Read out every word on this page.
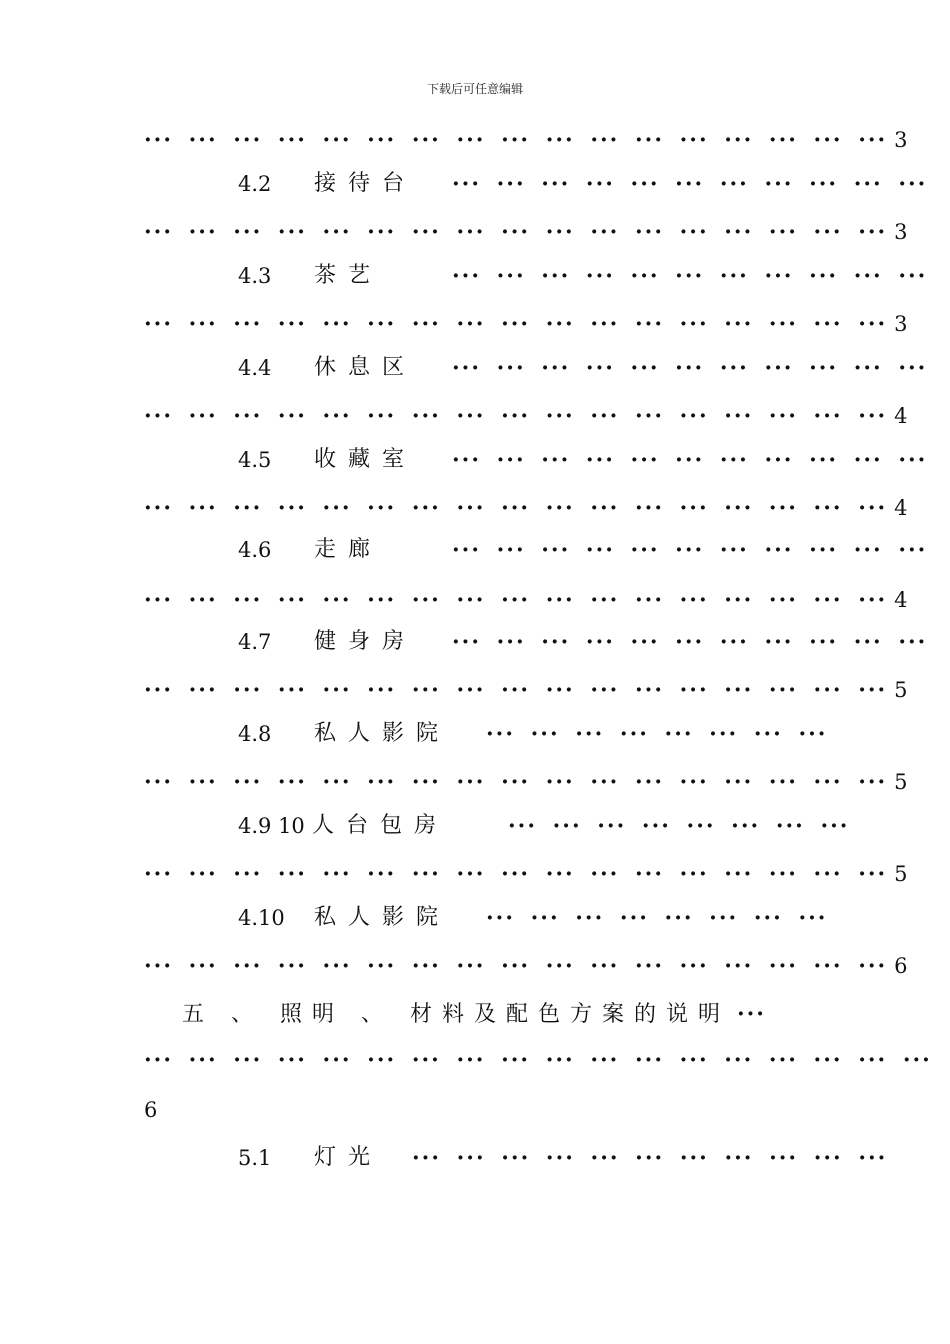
下载后可任意编辑
··· ··· ··· ··· ··· ··· ··· ··· ··· ··· ··· ··· ··· ··· ··· ··· ··· 3
4.2 接待台 ··· ··· ··· ··· ··· ··· ··· ··· ··· ··· ···
··· ··· ··· ··· ··· ··· ··· ··· ··· ··· ··· ··· ··· ··· ··· ··· ··· 3
4.3 茶艺	··· ··· ··· ··· ··· ··· ··· ··· ··· ··· ···
··· ··· ··· ··· ··· ··· ··· ··· ··· ··· ··· ··· ··· ··· ··· ··· ··· 3
4.4 休息区 ··· ··· ··· ··· ··· ··· ··· ··· ··· ··· ···
··· ··· ··· ··· ··· ··· ··· ··· ··· ··· ··· ··· ··· ··· ··· ··· ··· 4
4.5 收藏室 ··· ··· ··· ··· ··· ··· ··· ··· ··· ··· ···
··· ··· ··· ··· ··· ··· ··· ··· ··· ··· ··· ··· ··· ··· ··· ··· ··· 4
4.6 走廊	··· ··· ··· ··· ··· ··· ··· ··· ··· ··· ···
··· ··· ··· ··· ··· ··· ··· ··· ··· ··· ··· ··· ··· ··· ··· ··· ··· 4
4.7 健身房 ··· ··· ··· ··· ··· ··· ··· ··· ··· ··· ···
··· ··· ··· ··· ··· ··· ··· ··· ··· ··· ··· ··· ··· ··· ··· ··· ··· 5
4.8 私人影院 ··· ··· ··· ··· ··· ··· ··· ···
··· ··· ··· ··· ··· ··· ··· ··· ··· ··· ··· ··· ··· ··· ··· ··· ··· 5
4.9 10 人台包房	··· ··· ··· ··· ··· ··· ··· ···
··· ··· ··· ··· ··· ··· ··· ··· ··· ··· ··· ··· ··· ··· ··· ··· ··· 5
4.10 私人影院 ··· ··· ··· ··· ··· ··· ··· ···
··· ··· ··· ··· ··· ··· ··· ··· ··· ··· ··· ··· ··· ··· ··· ··· ··· 6
五 、 照明 、 材料及配色方案的说明 ···
··· ··· ··· ··· ··· ··· ··· ··· ··· ··· ··· ··· ··· ··· ··· ··· ··· ···
6
5.1 灯光 ··· ··· ··· ··· ··· ··· ··· ··· ··· ··· ···
